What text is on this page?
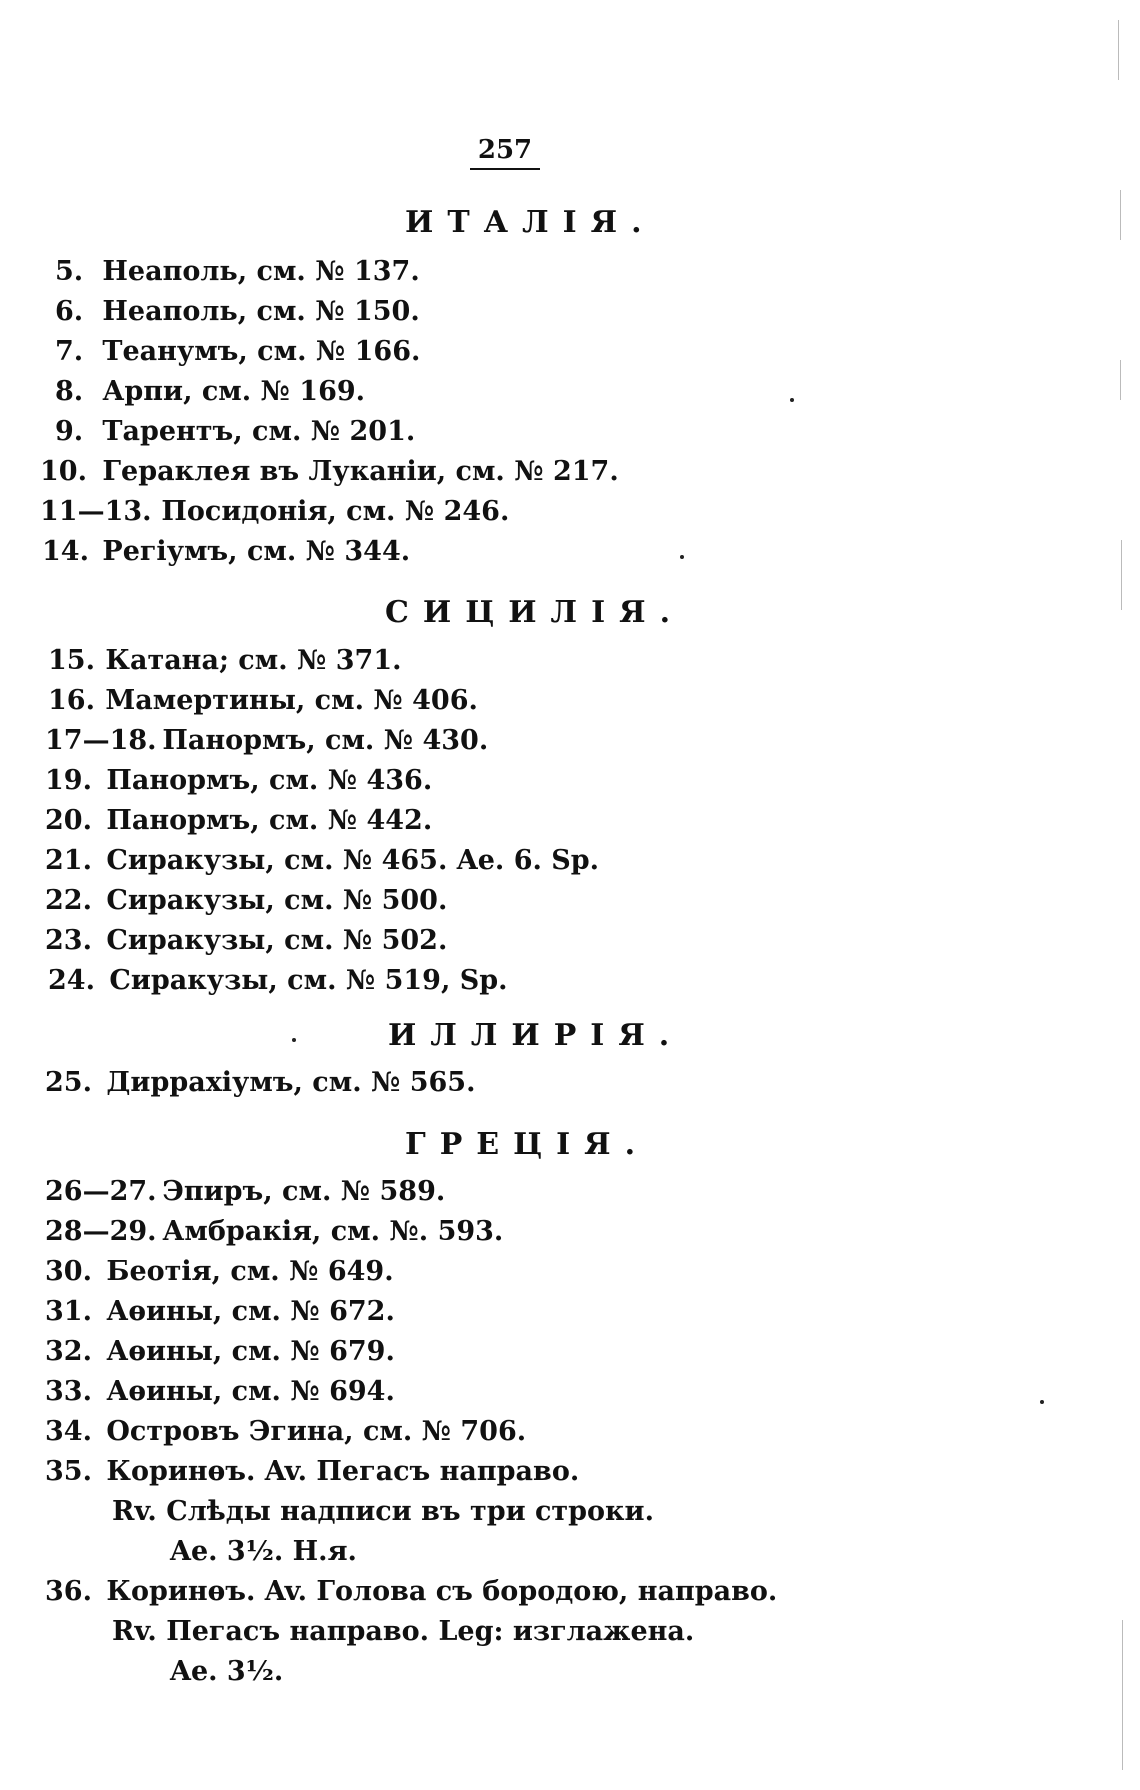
257
ИТАЛІЯ.
5. Неаполь, см. № 137.
6. Неаполь, см. № 150.
7. Теанумъ, см. № 166.
8. Арпи, см. № 169.
9. Тарентъ, см. № 201.
10. Гераклея въ Луканіи, см. № 217.
11—13. Посидонія, см. № 246.
14. Регіумъ, см. № 344.
СИЦИЛІЯ.
15. Катана; см. № 371.
16. Мамертины, см. № 406.
17—18. Панормъ, см. № 430.
19. Панормъ, см. № 436.
20. Панормъ, см. № 442.
21. Сиракузы, см. № 465. Ae. 6. Sp.
22. Сиракузы, см. № 500.
23. Сиракузы, см. № 502.
24. Сиракузы, см. № 519, Sp.
ИЛЛИРІЯ.
25. Диррахіумъ, см. № 565.
ГРЕЦІЯ.
26—27. Эпиръ, см. № 589.
28—29. Амбракія, см. №. 593.
30. Беотія, см. № 649.
31. Аѳины, см. № 672.
32. Аѳины, см. № 679.
33. Аѳины, см. № 694.
34. Островъ Эгина, см. № 706.
35. Коринѳъ. Av. Пегасъ направо.
Rv. Слѣды надписи въ три строки.
Ae. 3½. Н.я.
36. Коринѳъ. Av. Голова съ бородою, направо.
Rv. Пегасъ направо. Leg: изглажена.
Ae. 3½.
